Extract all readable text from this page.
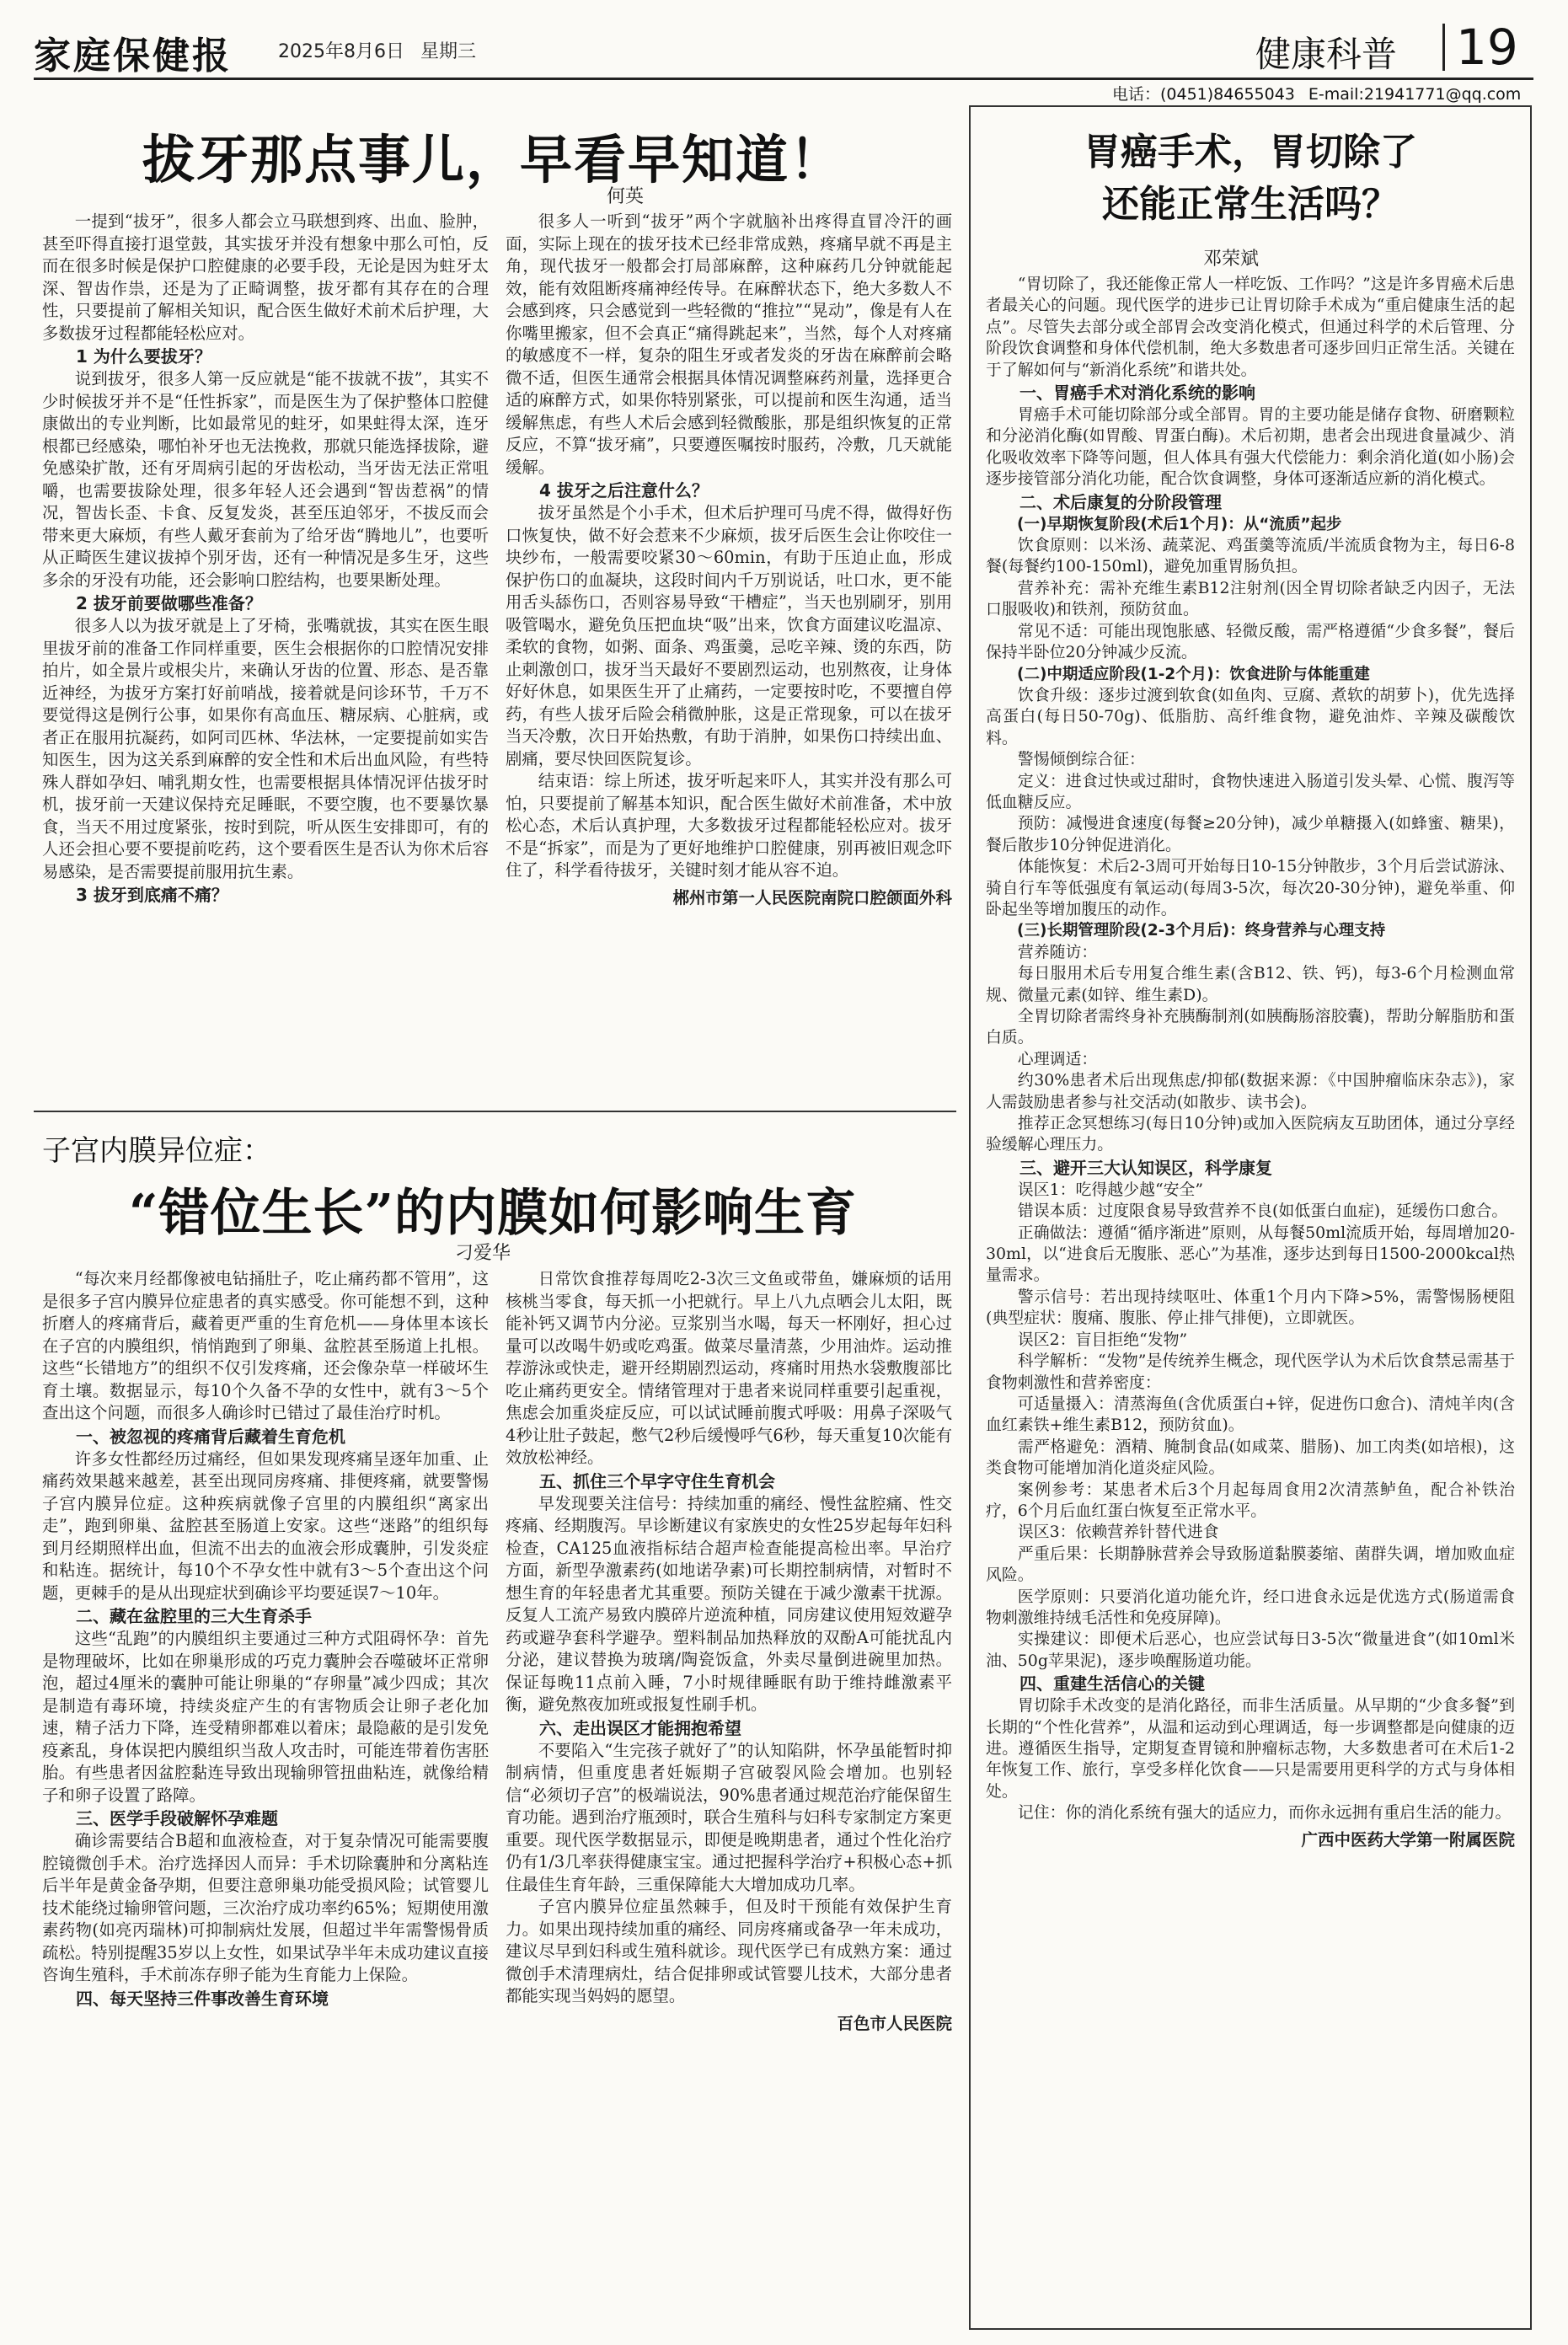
家庭保健报	2025年8月6日 星期三	健康科普 19
电话：(0451)84655043 E-mail:21941771@qq.com
拔牙那点事儿，早看早知道！
何英

一提到“拔牙”，很多人都会立马联想到疼、出血、脸肿，甚至吓得直接打退堂鼓，其实拔牙并没有想象中那么可怕，反而在很多时候是保护口腔健康的必要手段，无论是因为蛀牙太深、智齿作祟，还是为了正畸调整，拔牙都有其存在的合理性，只要提前了解相关知识，配合医生做好术前术后护理，大多数拔牙过程都能轻松应对。

1 为什么要拔牙？

说到拔牙，很多人第一反应就是“能不拔就不拔”，其实不少时候拔牙并不是“任性拆家”，而是医生为了保护整体口腔健康做出的专业判断，比如最常见的蛀牙，如果蛀得太深，连牙根都已经感染，哪怕补牙也无法挽救，那就只能选择拔除，避免感染扩散，还有牙周病引起的牙齿松动，当牙齿无法正常咀嚼，也需要拔除处理，很多年轻人还会遇到“智齿惹祸”的情况，智齿长歪、卡食、反复发炎，甚至压迫邻牙，不拔反而会带来更大麻烦，有些人戴牙套前为了给牙齿“腾地儿”，也要听从正畸医生建议拔掉个别牙齿，还有一种情况是多生牙，这些多余的牙没有功能，还会影响口腔结构，也要果断处理。

2 拔牙前要做哪些准备？

很多人以为拔牙就是上了牙椅，张嘴就拔，其实在医生眼里拔牙前的准备工作同样重要，医生会根据你的口腔情况安排拍片，如全景片或根尖片，来确认牙齿的位置、形态、是否靠近神经，为拔牙方案打好前哨战，接着就是问诊环节，千万不要觉得这是例行公事，如果你有高血压、糖尿病、心脏病，或者正在服用抗凝药，如阿司匹林、华法林，一定要提前如实告知医生，因为这关系到麻醉的安全性和术后出血风险，有些特殊人群如孕妇、哺乳期女性，也需要根据具体情况评估拔牙时机，拔牙前一天建议保持充足睡眠，不要空腹，也不要暴饮暴食，当天不用过度紧张，按时到院，听从医生安排即可，有的人还会担心要不要提前吃药，这个要看医生是否认为你术后容易感染，是否需要提前服用抗生素。

3 拔牙到底痛不痛？

很多人一听到“拔牙”两个字就脑补出疼得直冒冷汗的画面，实际上现在的拔牙技术已经非常成熟，疼痛早就不再是主角，现代拔牙一般都会打局部麻醉，这种麻药几分钟就能起效，能有效阻断疼痛神经传导。在麻醉状态下，绝大多数人不会感到疼，只会感觉到一些轻微的“推拉”“晃动”，像是有人在你嘴里搬家，但不会真正“痛得跳起来”，当然，每个人对疼痛的敏感度不一样，复杂的阻生牙或者发炎的牙齿在麻醉前会略微不适，但医生通常会根据具体情况调整麻药剂量，选择更合适的麻醉方式，如果你特别紧张，可以提前和医生沟通，适当缓解焦虑，有些人术后会感到轻微酸胀，那是组织恢复的正常反应，不算“拔牙痛”，只要遵医嘱按时服药，冷敷，几天就能缓解。

4 拔牙之后注意什么？

拔牙虽然是个小手术，但术后护理可马虎不得，做得好伤口恢复快，做不好会惹来不少麻烦，拔牙后医生会让你咬住一块纱布，一般需要咬紧30～60min，有助于压迫止血，形成保护伤口的血凝块，这段时间内千万别说话，吐口水，更不能用舌头舔伤口，否则容易导致“干槽症”，当天也别刷牙，别用吸管喝水，避免负压把血块“吸”出来，饮食方面建议吃温凉、柔软的食物，如粥、面条、鸡蛋羹，忌吃辛辣、烫的东西，防止刺激创口，拔牙当天最好不要剧烈运动，也别熬夜，让身体好好休息，如果医生开了止痛药，一定要按时吃，不要擅自停药，有些人拔牙后险会稍微肿胀，这是正常现象，可以在拔牙当天冷敷，次日开始热敷，有助于消肿，如果伤口持续出血、剧痛，要尽快回医院复诊。

结束语：综上所述，拔牙听起来吓人，其实并没有那么可怕，只要提前了解基本知识，配合医生做好术前准备，术中放松心态，术后认真护理，大多数拔牙过程都能轻松应对。拔牙不是“拆家”，而是为了更好地维护口腔健康，别再被旧观念吓住了，科学看待拔牙，关键时刻才能从容不迫。

郴州市第一人民医院南院口腔颌面外科

子宫内膜异位症：
“错位生长”的内膜如何影响生育
刁爱华

“每次来月经都像被电钻捅肚子，吃止痛药都不管用”，这是很多子宫内膜异位症患者的真实感受。你可能想不到，这种折磨人的疼痛背后，藏着更严重的生育危机——身体里本该长在子宫的内膜组织，悄悄跑到了卵巢、盆腔甚至肠道上扎根。这些“长错地方”的组织不仅引发疼痛，还会像杂草一样破坏生育土壤。数据显示，每10个久备不孕的女性中，就有3～5个查出这个问题，而很多人确诊时已错过了最佳治疗时机。

一、被忽视的疼痛背后藏着生育危机

许多女性都经历过痛经，但如果发现疼痛呈逐年加重、止痛药效果越来越差，甚至出现同房疼痛、排便疼痛，就要警惕子宫内膜异位症。这种疾病就像子宫里的内膜组织“离家出走”，跑到卵巢、盆腔甚至肠道上安家。这些“迷路”的组织每到月经期照样出血，但流不出去的血液会形成囊肿，引发炎症和粘连。据统计，每10个不孕女性中就有3～5个查出这个问题，更棘手的是从出现症状到确诊平均要延误7～10年。

二、藏在盆腔里的三大生育杀手

这些“乱跑”的内膜组织主要通过三种方式阻碍怀孕：首先是物理破坏，比如在卵巢形成的巧克力囊肿会吞噬破坏正常卵泡，超过4厘米的囊肿可能让卵巢的“存卵量”减少四成；其次是制造有毒环境，持续炎症产生的有害物质会让卵子老化加速，精子活力下降，连受精卵都难以着床；最隐蔽的是引发免疫紊乱，身体误把内膜组织当敌人攻击时，可能连带着伤害胚胎。有些患者因盆腔黏连导致出现输卵管扭曲粘连，就像给精子和卵子设置了路障。

三、医学手段破解怀孕难题

确诊需要结合B超和血液检查，对于复杂情况可能需要腹腔镜微创手术。治疗选择因人而异：手术切除囊肿和分离粘连后半年是黄金备孕期，但要注意卵巢功能受损风险；试管婴儿技术能绕过输卵管问题，三次治疗成功率约65%；短期使用激素药物(如亮丙瑞林)可抑制病灶发展，但超过半年需警惕骨质疏松。特别提醒35岁以上女性，如果试孕半年未成功建议直接咨询生殖科，手术前冻存卵子能为生育能力上保险。

四、每天坚持三件事改善生育环境

日常饮食推荐每周吃2-3次三文鱼或带鱼，嫌麻烦的话用核桃当零食，每天抓一小把就行。早上八九点晒会儿太阳，既能补钙又调节内分泌。豆浆别当水喝，每天一杯刚好，担心过量可以改喝牛奶或吃鸡蛋。做菜尽量清蒸，少用油炸。运动推荐游泳或快走，避开经期剧烈运动，疼痛时用热水袋敷腹部比吃止痛药更安全。情绪管理对于患者来说同样重要引起重视，焦虑会加重炎症反应，可以试试睡前腹式呼吸：用鼻子深吸气4秒让肚子鼓起，憋气2秒后缓慢呼气6秒，每天重复10次能有效放松神经。

五、抓住三个早字守住生育机会

早发现要关注信号：持续加重的痛经、慢性盆腔痛、性交疼痛、经期腹泻。早诊断建议有家族史的女性25岁起每年妇科检查，CA125血液指标结合超声检查能提高检出率。早治疗方面，新型孕激素药(如地诺孕素)可长期控制病情，对暂时不想生育的年轻患者尤其重要。预防关键在于减少激素干扰源。反复人工流产易致内膜碎片逆流种植，同房建议使用短效避孕药或避孕套科学避孕。塑料制品加热释放的双酚A可能扰乱内分泌，建议替换为玻璃/陶瓷饭盒，外卖尽量倒进碗里加热。保证每晚11点前入睡，7小时规律睡眠有助于维持雌激素平衡，避免熬夜加班或报复性刷手机。

六、走出误区才能拥抱希望

不要陷入“生完孩子就好了”的认知陷阱，怀孕虽能暂时抑制病情，但重度患者妊娠期子宫破裂风险会增加。也别轻信“必须切子宫”的极端说法，90%患者通过规范治疗能保留生育功能。遇到治疗瓶颈时，联合生殖科与妇科专家制定方案更重要。现代医学数据显示，即便是晚期患者，通过个性化治疗仍有1/3几率获得健康宝宝。通过把握科学治疗+积极心态+抓住最佳生育年龄，三重保障能大大增加成功几率。

子宫内膜异位症虽然棘手，但及时干预能有效保护生育力。如果出现持续加重的痛经、同房疼痛或备孕一年未成功，建议尽早到妇科或生殖科就诊。现代医学已有成熟方案：通过微创手术清理病灶，结合促排卵或试管婴儿技术，大部分患者都能实现当妈妈的愿望。

百色市人民医院

胃癌手术，胃切除了
还能正常生活吗？
邓荣斌

“胃切除了，我还能像正常人一样吃饭、工作吗？”这是许多胃癌术后患者最关心的问题。现代医学的进步已让胃切除手术成为“重启健康生活的起点”。尽管失去部分或全部胃会改变消化模式，但通过科学的术后管理、分阶段饮食调整和身体代偿机制，绝大多数患者可逐步回归正常生活。关键在于了解如何与“新消化系统”和谐共处。

一、胃癌手术对消化系统的影响

胃癌手术可能切除部分或全部胃。胃的主要功能是储存食物、研磨颗粒和分泌消化酶(如胃酸、胃蛋白酶)。术后初期，患者会出现进食量减少、消化吸收效率下降等问题，但人体具有强大代偿能力：剩余消化道(如小肠)会逐步接管部分消化功能，配合饮食调整，身体可逐渐适应新的消化模式。

二、术后康复的分阶段管理

(一)早期恢复阶段(术后1个月)：从“流质”起步

饮食原则：以米汤、蔬菜泥、鸡蛋羹等流质/半流质食物为主，每日6-8餐(每餐约100-150ml)，避免加重胃肠负担。

营养补充：需补充维生素B12注射剂(因全胃切除者缺乏内因子，无法口服吸收)和铁剂，预防贫血。

常见不适：可能出现饱胀感、轻微反酸，需严格遵循“少食多餐”，餐后保持半卧位20分钟减少反流。

(二)中期适应阶段(1-2个月)：饮食进阶与体能重建

饮食升级：逐步过渡到软食(如鱼肉、豆腐、煮软的胡萝卜)，优先选择高蛋白(每日50-70g)、低脂肪、高纤维食物，避免油炸、辛辣及碳酸饮料。

警惕倾倒综合征：

定义：进食过快或过甜时，食物快速进入肠道引发头晕、心慌、腹泻等低血糖反应。

预防：减慢进食速度(每餐≥20分钟)，减少单糖摄入(如蜂蜜、糖果)，餐后散步10分钟促进消化。

体能恢复：术后2-3周可开始每日10-15分钟散步，3个月后尝试游泳、骑自行车等低强度有氧运动(每周3-5次，每次20-30分钟)，避免举重、仰卧起坐等增加腹压的动作。

(三)长期管理阶段(2-3个月后)：终身营养与心理支持

营养随访：

每日服用术后专用复合维生素(含B12、铁、钙)，每3-6个月检测血常规、微量元素(如锌、维生素D)。

全胃切除者需终身补充胰酶制剂(如胰酶肠溶胶囊)，帮助分解脂肪和蛋白质。

心理调适：

约30%患者术后出现焦虑/抑郁(数据来源：《中国肿瘤临床杂志》)，家人需鼓励患者参与社交活动(如散步、读书会)。

推荐正念冥想练习(每日10分钟)或加入医院病友互助团体，通过分享经验缓解心理压力。

三、避开三大认知误区，科学康复

误区1：吃得越少越“安全”

错误本质：过度限食易导致营养不良(如低蛋白血症)，延缓伤口愈合。

正确做法：遵循“循序渐进”原则，从每餐50ml流质开始，每周增加20-30ml，以“进食后无腹胀、恶心”为基准，逐步达到每日1500-2000kcal热量需求。

警示信号：若出现持续呕吐、体重1个月内下降>5%，需警惕肠梗阻(典型症状：腹痛、腹胀、停止排气排便)，立即就医。

误区2：盲目拒绝“发物”

科学解析：“发物”是传统养生概念，现代医学认为术后饮食禁忌需基于食物刺激性和营养密度：

可适量摄入：清蒸海鱼(含优质蛋白+锌，促进伤口愈合)、清炖羊肉(含血红素铁+维生素B12，预防贫血)。

需严格避免：酒精、腌制食品(如咸菜、腊肠)、加工肉类(如培根)，这类食物可能增加消化道炎症风险。

案例参考：某患者术后3个月起每周食用2次清蒸鲈鱼，配合补铁治疗，6个月后血红蛋白恢复至正常水平。

误区3：依赖营养针替代进食

严重后果：长期静脉营养会导致肠道黏膜萎缩、菌群失调，增加败血症风险。

医学原则：只要消化道功能允许，经口进食永远是优选方式(肠道需食物刺激维持绒毛活性和免疫屏障)。

实操建议：即便术后恶心，也应尝试每日3-5次“微量进食”(如10ml米油、50g苹果泥)，逐步唤醒肠道功能。

四、重建生活信心的关键

胃切除手术改变的是消化路径，而非生活质量。从早期的“少食多餐”到长期的“个性化营养”，从温和运动到心理调适，每一步调整都是向健康的迈进。遵循医生指导，定期复查胃镜和肿瘤标志物，大多数患者可在术后1-2年恢复工作、旅行，享受多样化饮食——只是需要用更科学的方式与身体相处。

记住：你的消化系统有强大的适应力，而你永远拥有重启生活的能力。

广西中医药大学第一附属医院
